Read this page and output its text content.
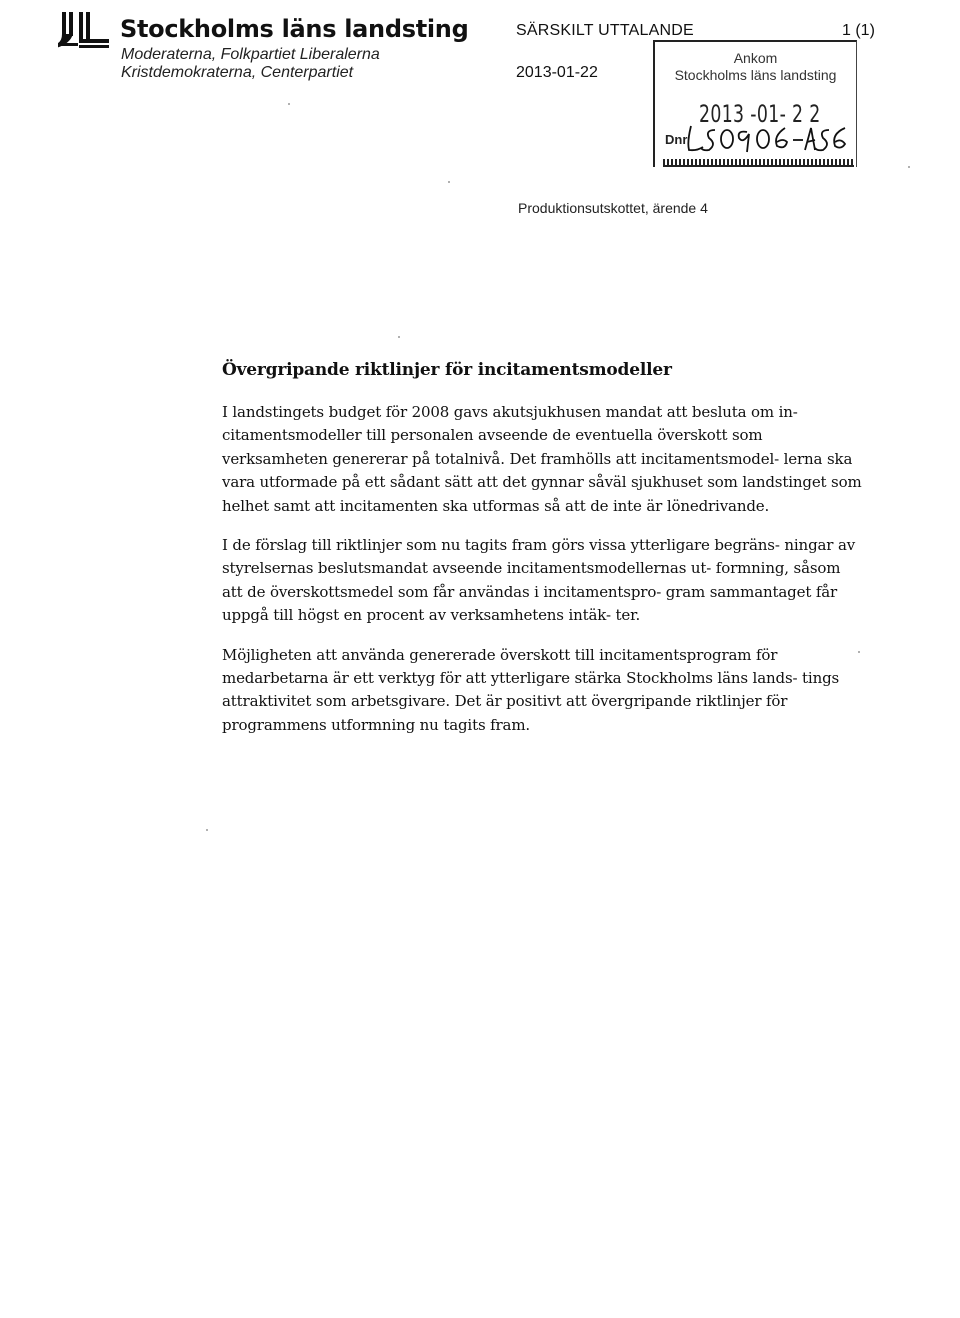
Stockholms läns landsting
Moderaterna, Folkpartiet Liberalerna
Kristdemokraterna, Centerpartiet
SÄRSKILT UTTALANDE
2013-01-22
1 (1)
Ankom
Stockholms läns landsting
2013 -01- 2 2
Dnr
Produktionsutskottet, ärende 4
Övergripande riktlinjer för incitamentsmodeller

I landstingets budget för 2008 gavs akutsjukhusen mandat att besluta om in- citamentsmodeller till personalen avseende de eventuella överskott som verksamheten genererar på totalnivå. Det framhölls att incitamentsmodel- lerna ska vara utformade på ett sådant sätt att det gynnar såväl sjukhuset som landstinget som helhet samt att incitamenten ska utformas så att de inte är lönedrivande.

I de förslag till riktlinjer som nu tagits fram görs vissa ytterligare begräns- ningar av styrelsernas beslutsmandat avseende incitamentsmodellernas ut- formning, såsom att de överskottsmedel som får användas i incitamentspro- gram sammantaget får uppgå till högst en procent av verksamhetens intäk- ter.

Möjligheten att använda genererade överskott till incitamentsprogram för medarbetarna är ett verktyg för att ytterligare stärka Stockholms läns lands- tings attraktivitet som arbetsgivare. Det är positivt att övergripande riktlinjer för programmens utformning nu tagits fram.
